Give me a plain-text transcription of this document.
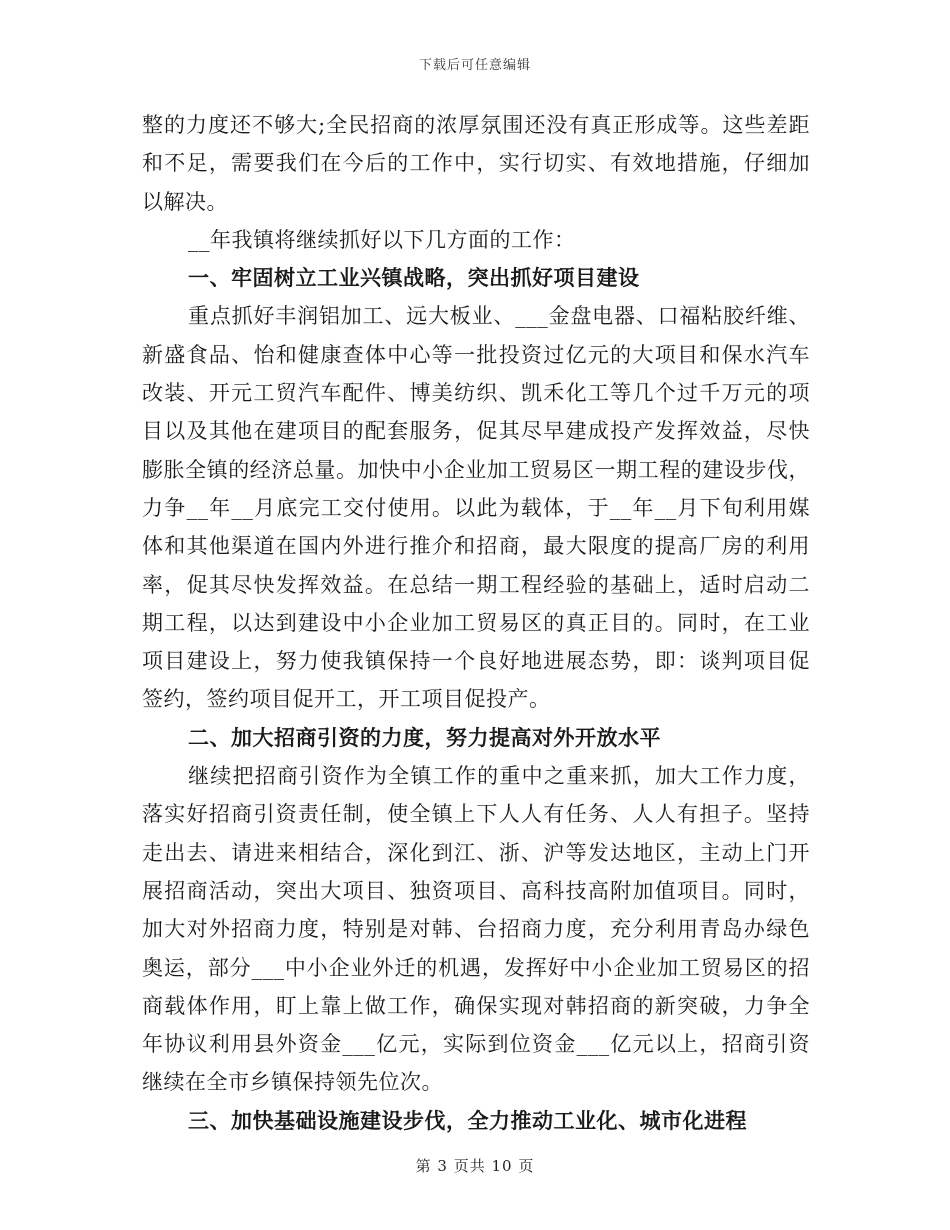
下载后可任意编辑
整的力度还不够大;全民招商的浓厚氛围还没有真正形成等。这些差距
和不足，需要我们在今后的工作中，实行切实、有效地措施，仔细加
以解决。
__年我镇将继续抓好以下几方面的工作：
一、牢固树立工业兴镇战略，突出抓好项目建设
重点抓好丰润铝加工、远大板业、___金盘电器、口福粘胶纤维、
新盛食品、怡和健康查体中心等一批投资过亿元的大项目和保水汽车
改装、开元工贸汽车配件、博美纺织、凯禾化工等几个过千万元的项
目以及其他在建项目的配套服务，促其尽早建成投产发挥效益，尽快
膨胀全镇的经济总量。加快中小企业加工贸易区一期工程的建设步伐，
力争__年__月底完工交付使用。以此为载体，于__年__月下旬利用媒
体和其他渠道在国内外进行推介和招商，最大限度的提高厂房的利用
率，促其尽快发挥效益。在总结一期工程经验的基础上，适时启动二
期工程，以达到建设中小企业加工贸易区的真正目的。同时，在工业
项目建设上，努力使我镇保持一个良好地进展态势，即：谈判项目促
签约，签约项目促开工，开工项目促投产。
二、加大招商引资的力度，努力提高对外开放水平
继续把招商引资作为全镇工作的重中之重来抓，加大工作力度，
落实好招商引资责任制，使全镇上下人人有任务、人人有担子。坚持
走出去、请进来相结合，深化到江、浙、沪等发达地区，主动上门开
展招商活动，突出大项目、独资项目、高科技高附加值项目。同时，
加大对外招商力度，特别是对韩、台招商力度，充分利用青岛办绿色
奥运，部分___中小企业外迁的机遇，发挥好中小企业加工贸易区的招
商载体作用，盯上靠上做工作，确保实现对韩招商的新突破，力争全
年协议利用县外资金___亿元，实际到位资金___亿元以上，招商引资
继续在全市乡镇保持领先位次。
三、加快基础设施建设步伐，全力推动工业化、城市化进程
第 3 页共 10 页
